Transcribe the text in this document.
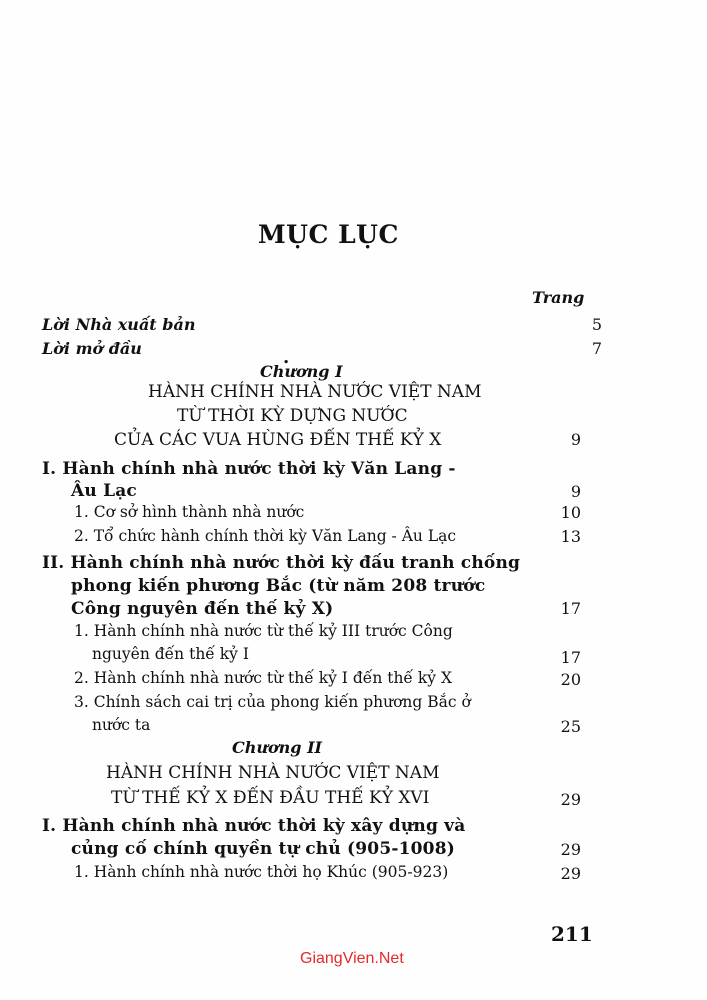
MỤC LỤC
Trang
Lời Nhà xuất bản	5
Lời mở đầu	7
.
Chương I
HÀNH CHÍNH NHÀ NƯỚC VIỆT NAM
TỪ THỜI KỲ DỰNG NƯỚC
CỦA CÁC VUA HÙNG ĐẾN THẾ KỶ X	9
I. Hành chính nhà nước thời kỳ Văn Lang -
Âu Lạc	9
1. Cơ sở hình thành nhà nước	10
2. Tổ chức hành chính thời kỳ Văn Lang - Âu Lạc	13
II. Hành chính nhà nước thời kỳ đấu tranh chống
phong kiến phương Bắc (từ năm 208 trước
Công nguyên đến thế kỷ X)	17
1. Hành chính nhà nước từ thế kỷ III trước Công
nguyên đến thế kỷ I	17
2. Hành chính nhà nước từ thế kỷ I đến thế kỷ X	20
3. Chính sách cai trị của phong kiến phương Bắc ở
nước ta	25
Chương II
HÀNH CHÍNH NHÀ NƯỚC VIỆT NAM
TỪ THẾ KỶ X ĐẾN ĐẦU THẾ KỶ XVI	29
I. Hành chính nhà nước thời kỳ xây dựng và
củng cố chính quyền tự chủ (905-1008)	29
1. Hành chính nhà nước thời họ Khúc (905-923)	29
211
GiangVien.Net
